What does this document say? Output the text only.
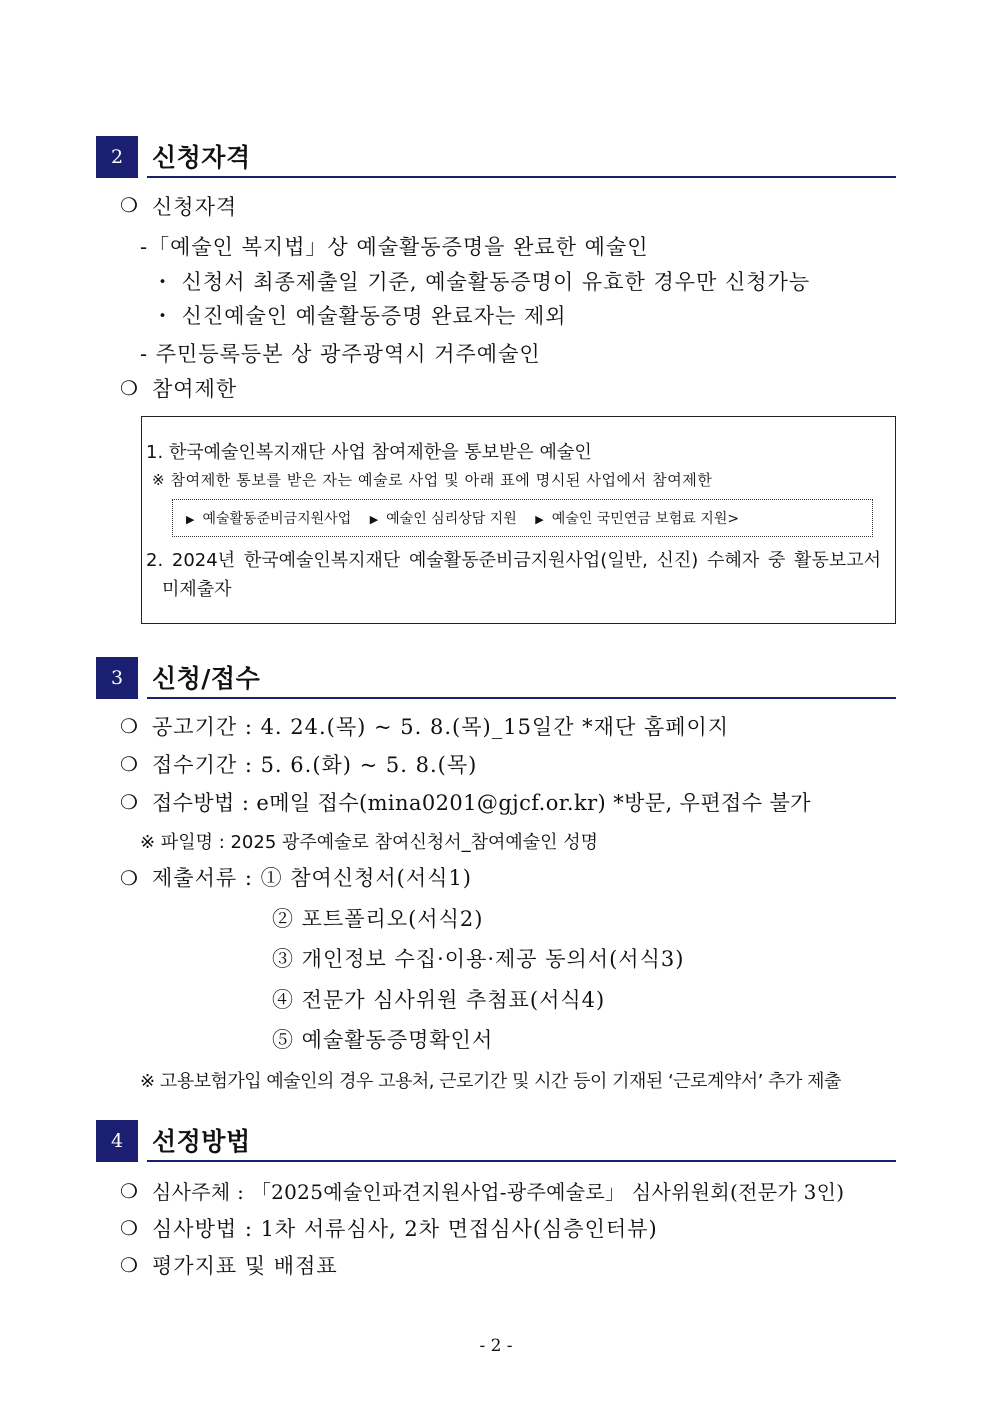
2	신청자격
❍ 신청자격
-「예술인 복지법」상 예술활동증명을 완료한 예술인
・ 신청서 최종제출일 기준, 예술활동증명이 유효한 경우만 신청가능
・ 신진예술인 예술활동증명 완료자는 제외
- 주민등록등본 상 광주광역시 거주예술인
❍ 참여제한
1. 한국예술인복지재단 사업 참여제한을 통보받은 예술인
※ 참여제한 통보를 받은 자는 예술로 사업 및 아래 표에 명시된 사업에서 참여제한
▶ 예술활동준비금지원사업 ▶ 예술인 심리상담 지원 ▶ 예술인 국민연금 보험료 지원>
2. 2024년 한국예술인복지재단 예술활동준비금지원사업(일반, 신진) 수혜자 중 활동보고서
미제출자
3	신청/접수
❍ 공고기간 : 4. 24.(목) ~ 5. 8.(목)_15일간 *재단 홈페이지
❍ 접수기간 : 5. 6.(화) ~ 5. 8.(목)
❍ 접수방법 : e메일 접수(mina0201@gjcf.or.kr) *방문, 우편접수 불가
※ 파일명 : 2025 광주예술로 참여신청서_참여예술인 성명
❍ 제출서류 : ① 참여신청서(서식1)
② 포트폴리오(서식2)
③ 개인정보 수집·이용·제공 동의서(서식3)
④ 전문가 심사위원 추첨표(서식4)
⑤ 예술활동증명확인서
※ 고용보험가입 예술인의 경우 고용처, 근로기간 및 시간 등이 기재된 ‘근로계약서’ 추가 제출
4	선정방법
❍ 심사주체 : 「2025예술인파견지원사업-광주예술로」 심사위원회(전문가 3인)
❍ 심사방법 : 1차 서류심사, 2차 면접심사(심층인터뷰)
❍ 평가지표 및 배점표
- 2 -
